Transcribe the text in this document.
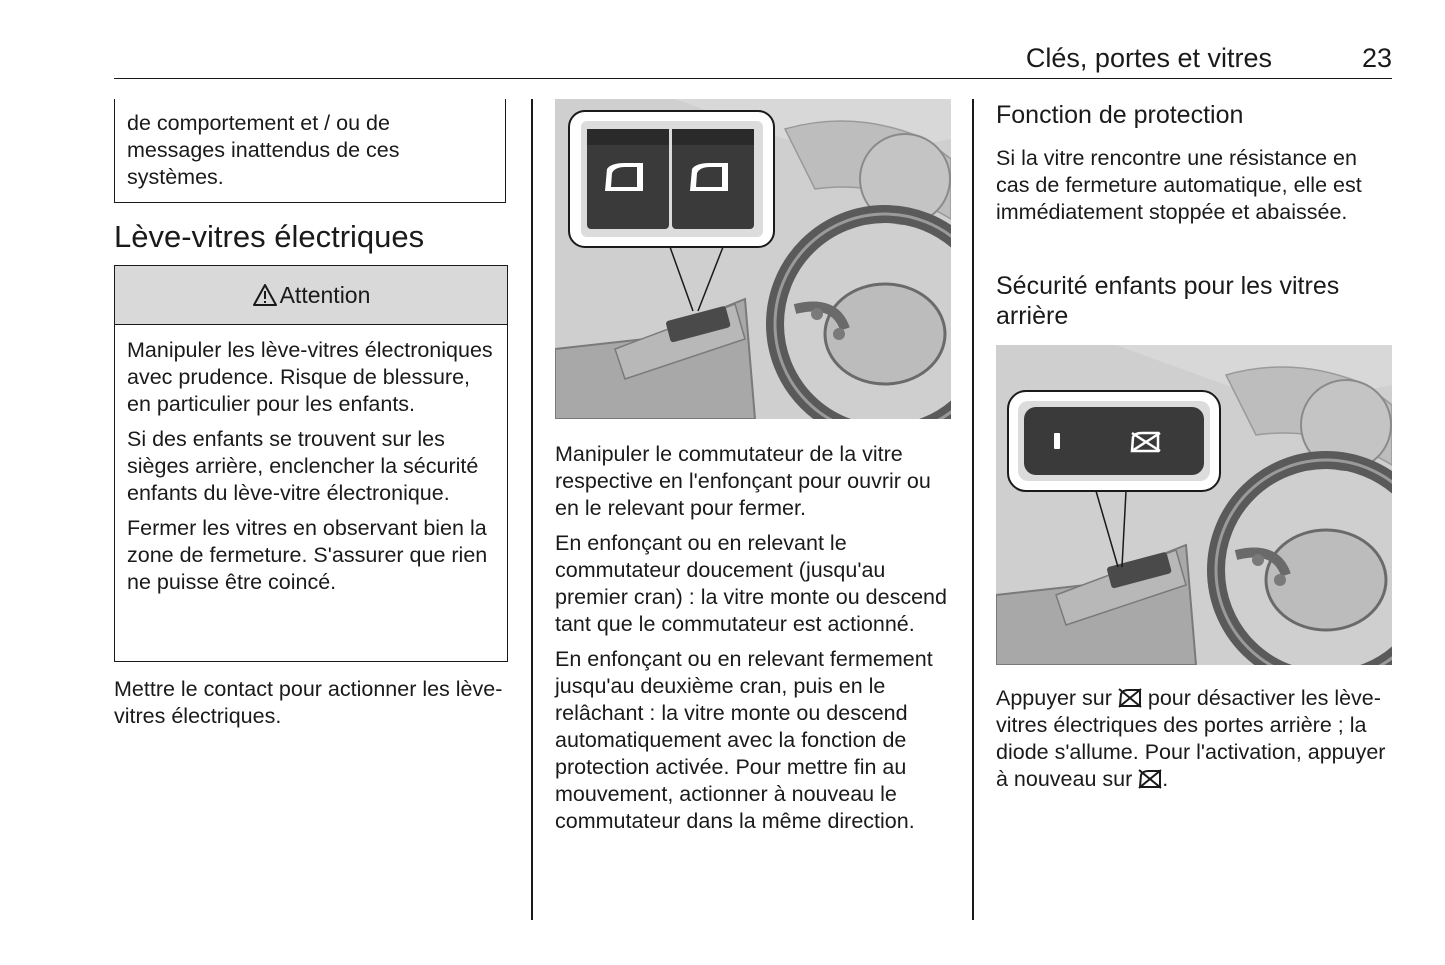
Clés, portes et vitres	23

de comportement et / ou de messages inattendus de ces systèmes.

Lève-vitres électriques
Attention

Manipuler les lève-vitres électroniques avec prudence. Risque de blessure, en particulier pour les enfants.

Si des enfants se trouvent sur les sièges arrière, enclencher la sécurité enfants du lève-vitre électronique.

Fermer les vitres en observant bien la zone de fermeture. S'assurer que rien ne puisse être coincé.

Mettre le contact pour actionner les lève-vitres électriques.

Manipuler le commutateur de la vitre respective en l'enfonçant pour ouvrir ou en le relevant pour fermer.

En enfonçant ou en relevant le commutateur doucement (jusqu'au premier cran) : la vitre monte ou descend tant que le commutateur est actionné.

En enfonçant ou en relevant fermement jusqu'au deuxième cran, puis en le relâchant : la vitre monte ou descend automatiquement avec la fonction de protection activée. Pour mettre fin au mouvement, actionner à nouveau le commutateur dans la même direction.

Fonction de protection

Si la vitre rencontre une résistance en cas de fermeture automatique, elle est immédiatement stoppée et abaissée.

Sécurité enfants pour les vitres arrière

Appuyer sur pour désactiver les lève-vitres électriques des portes arrière ; la diode s'allume. Pour l'activation, appuyer à nouveau sur .
